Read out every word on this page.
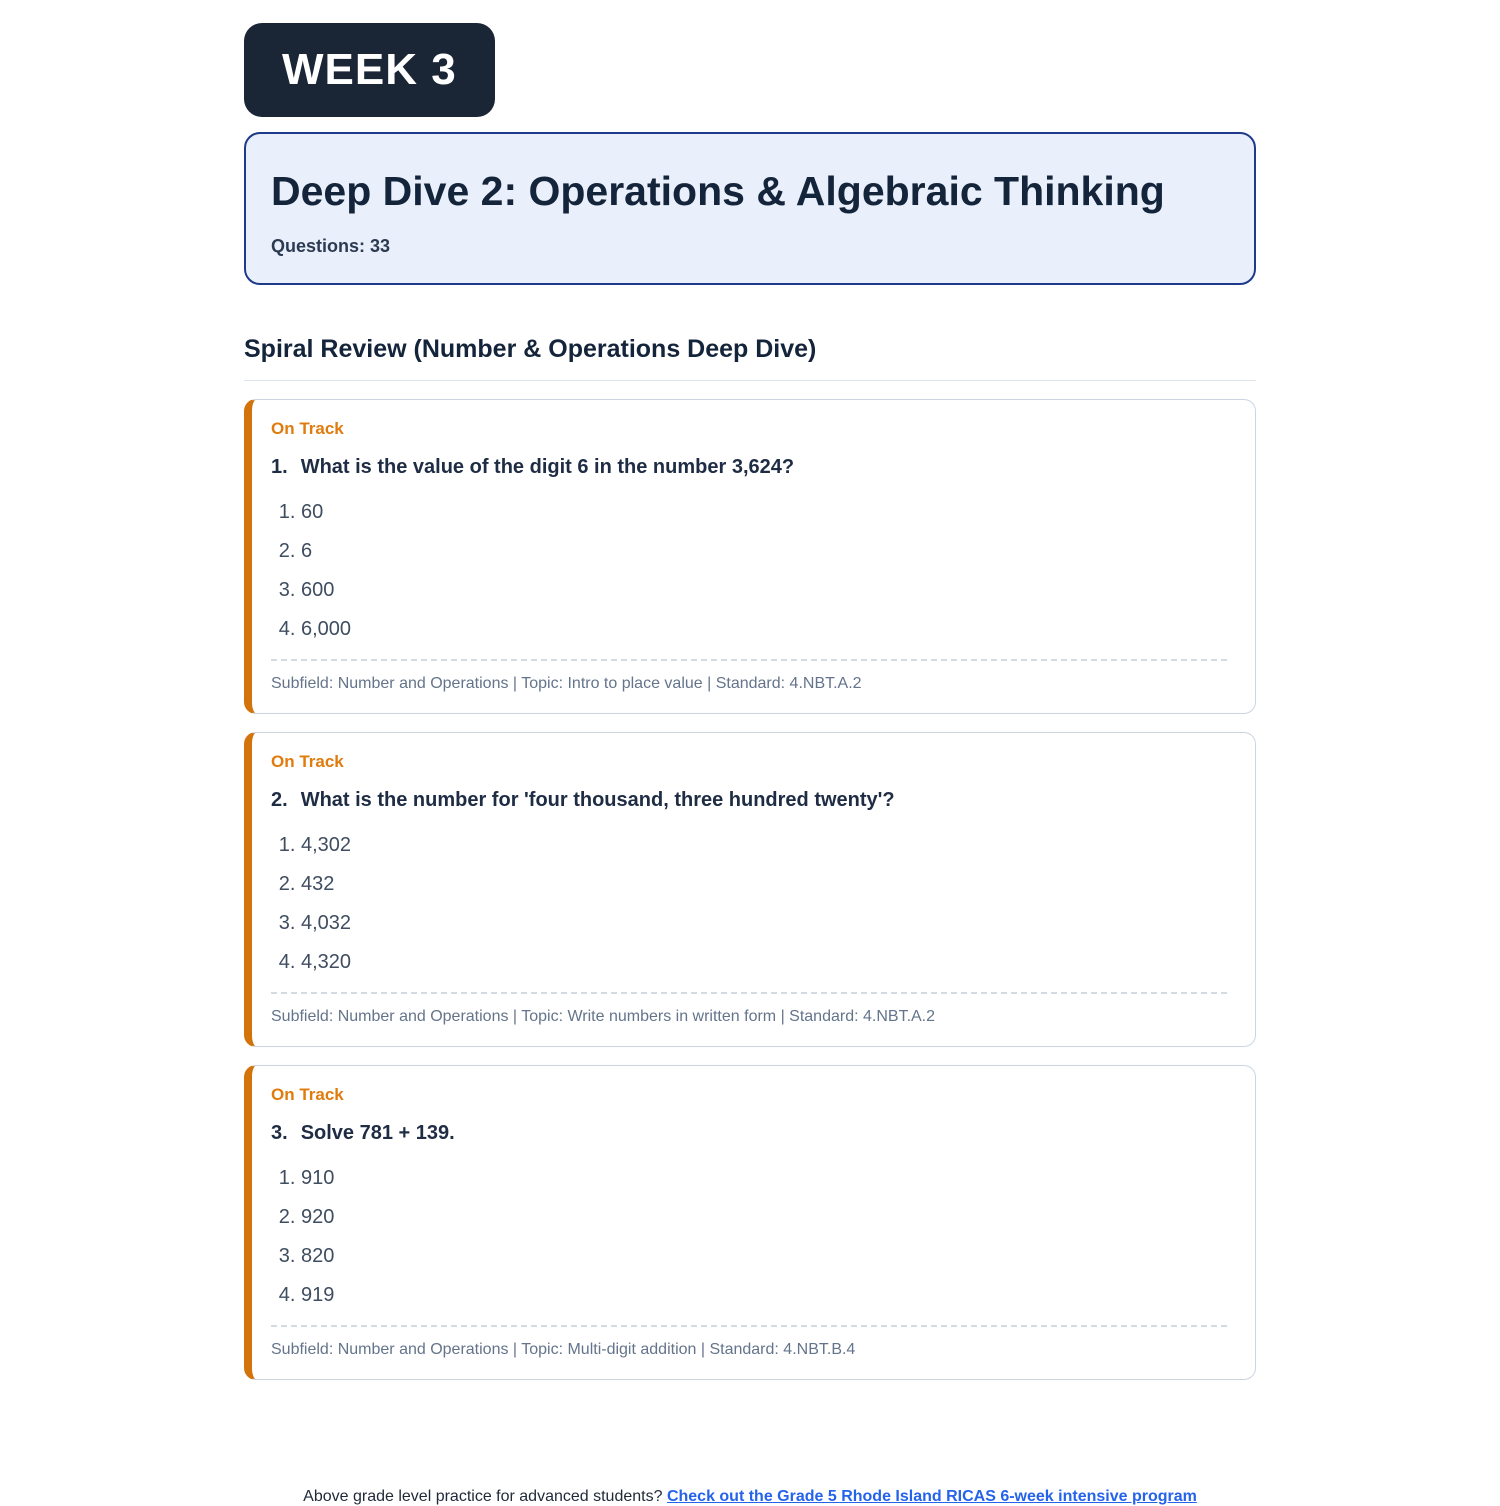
WEEK 3
Deep Dive 2: Operations & Algebraic Thinking
Questions: 33
Spiral Review (Number & Operations Deep Dive)
On Track
1. What is the value of the digit 6 in the number 3,624?
1. 60
2. 6
3. 600
4. 6,000
Subfield: Number and Operations | Topic: Intro to place value | Standard: 4.NBT.A.2
On Track
2. What is the number for 'four thousand, three hundred twenty'?
1. 4,302
2. 432
3. 4,032
4. 4,320
Subfield: Number and Operations | Topic: Write numbers in written form | Standard: 4.NBT.A.2
On Track
3. Solve 781 + 139.
1. 910
2. 920
3. 820
4. 919
Subfield: Number and Operations | Topic: Multi-digit addition | Standard: 4.NBT.B.4
Above grade level practice for advanced students? Check out the Grade 5 Rhode Island RICAS 6-week intensive program
